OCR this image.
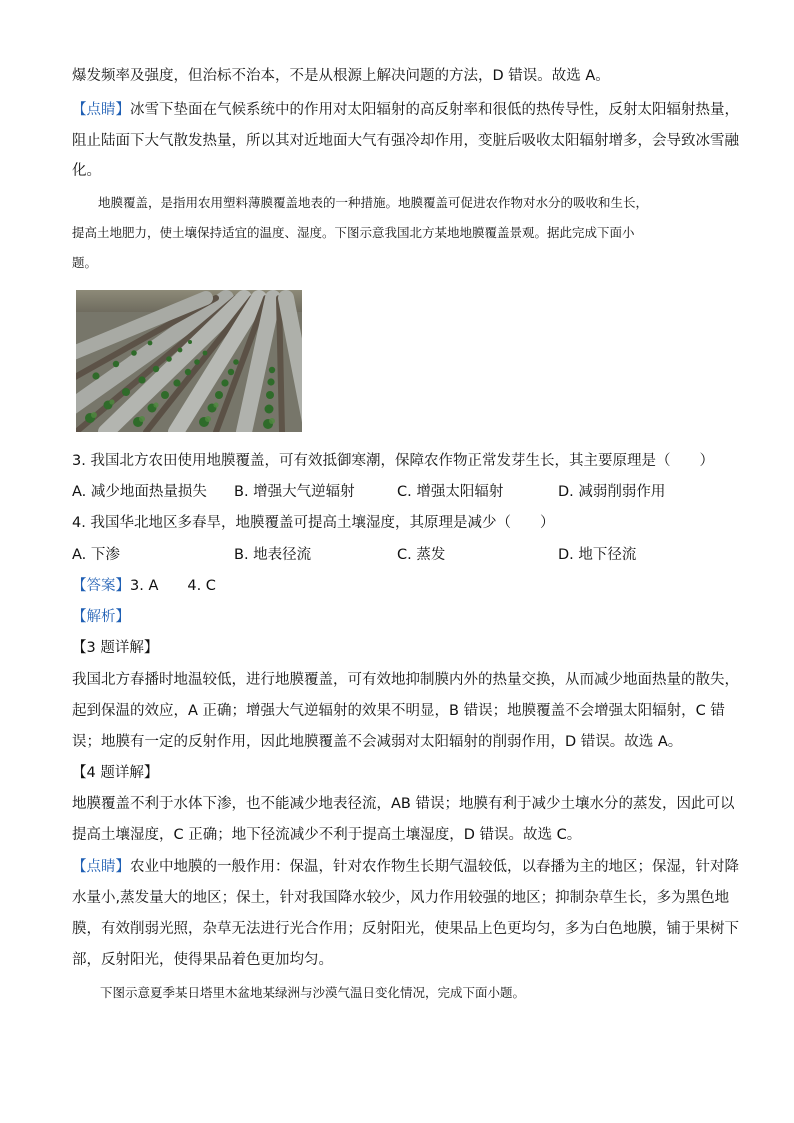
爆发频率及强度，但治标不治本，不是从根源上解决问题的方法，D 错误。故选 A。
【点睛】冰雪下垫面在气候系统中的作用对太阳辐射的高反射率和很低的热传导性，反射太阳辐射热量，
阻止陆面下大气散发热量，所以其对近地面大气有强冷却作用，变脏后吸收太阳辐射增多，会导致冰雪融
化。
地膜覆盖，是指用农用塑料薄膜覆盖地表的一种措施。地膜覆盖可促进农作物对水分的吸收和生长，
提高土地肥力，使土壤保持适宜的温度、湿度。下图示意我国北方某地地膜覆盖景观。据此完成下面小
题。
3. 我国北方农田使用地膜覆盖，可有效抵御寒潮，保障农作物正常发芽生长，其主要原理是（　　）
A. 减少地面热量损失 B. 增强大气逆辐射	C. 增强太阳辐射	D. 减弱削弱作用
4. 我国华北地区多春旱，地膜覆盖可提高土壤湿度，其原理是减少（　　）
A. 下渗	B. 地表径流	C. 蒸发	D. 地下径流
【答案】3. A　　4. C
【解析】
【3 题详解】
我国北方春播时地温较低，进行地膜覆盖，可有效地抑制膜内外的热量交换，从而减少地面热量的散失，
起到保温的效应，A 正确；增强大气逆辐射的效果不明显，B 错误；地膜覆盖不会增强太阳辐射，C 错
误；地膜有一定的反射作用，因此地膜覆盖不会减弱对太阳辐射的削弱作用，D 错误。故选 A。
【4 题详解】
地膜覆盖不利于水体下渗，也不能减少地表径流，AB 错误；地膜有利于减少土壤水分的蒸发，因此可以
提高土壤湿度，C 正确；地下径流减少不利于提高土壤湿度，D 错误。故选 C。
【点睛】农业中地膜的一般作用：保温，针对农作物生长期气温较低，以春播为主的地区；保湿，针对降
水量小,蒸发量大的地区；保土，针对我国降水较少，风力作用较强的地区；抑制杂草生长，多为黑色地
膜，有效削弱光照，杂草无法进行光合作用；反射阳光，使果品上色更均匀，多为白色地膜，铺于果树下
部，反射阳光，使得果品着色更加均匀。
下图示意夏季某日塔里木盆地某绿洲与沙漠气温日变化情况，完成下面小题。
